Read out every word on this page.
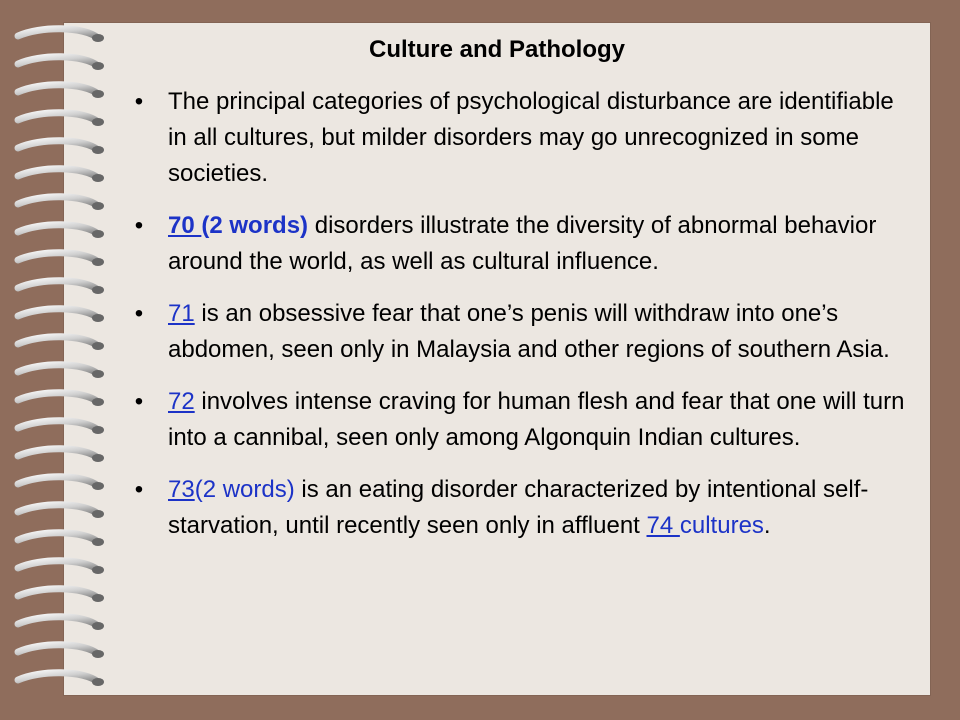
Culture and Pathology
• The principal categories of psychological disturbance are identifiable in all cultures, but milder disorders may go unrecognized in some societies.
• 70 (2 words) disorders illustrate the diversity of abnormal behavior around the world, as well as cultural influence.
• 71 is an obsessive fear that one’s penis will withdraw into one’s abdomen, seen only in Malaysia and other regions of southern Asia.
• 72 involves intense craving for human flesh and fear that one will turn into a cannibal, seen only among Algonquin Indian cultures.
• 73(2 words) is an eating disorder characterized by intentional self-starvation, until recently seen only in affluent 74 cultures.
